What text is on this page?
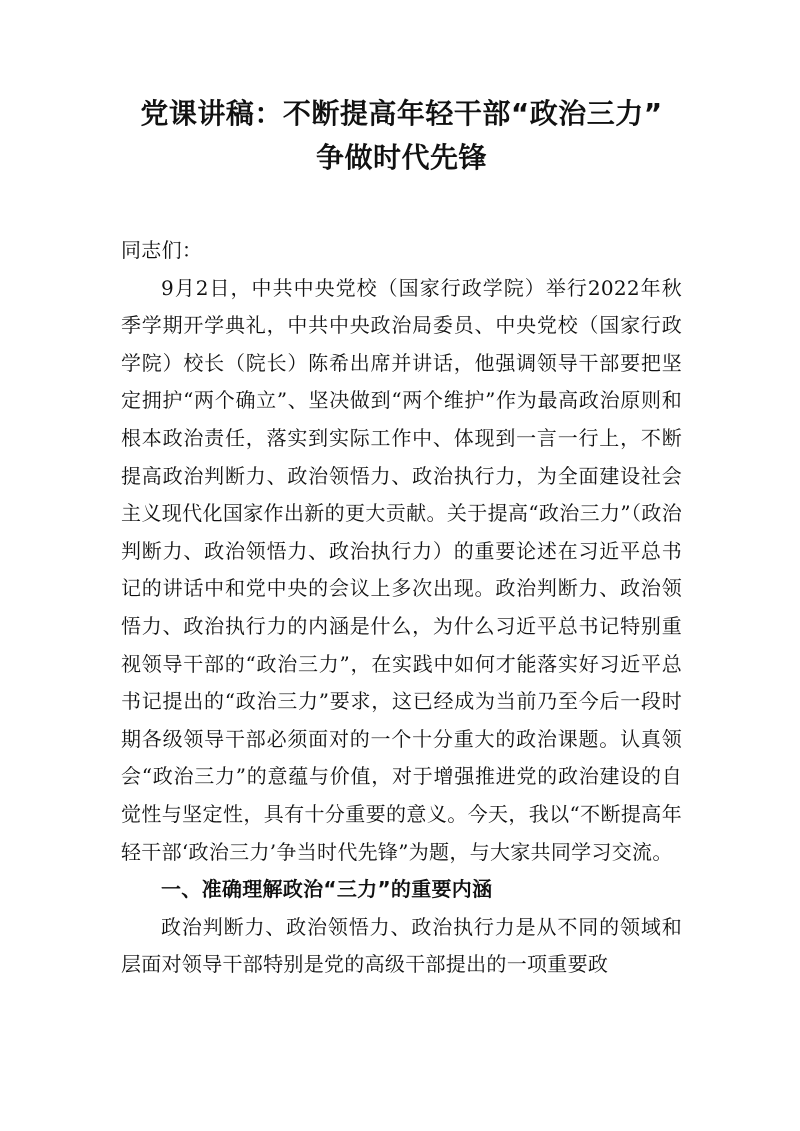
党课讲稿：不断提高年轻干部“政治三力”
争做时代先锋

同志们：

9月2日，中共中央党校（国家行政学院）举行2022年秋季学期开学典礼，中共中央政治局委员、中央党校（国家行政学院）校长（院长）陈希出席并讲话，他强调领导干部要把坚定拥护“两个确立”、坚决做到“两个维护”作为最高政治原则和根本政治责任，落实到实际工作中、体现到一言一行上，不断提高政治判断力、政治领悟力、政治执行力，为全面建设社会主义现代化国家作出新的更大贡献。关于提高“政治三力”（政治判断力、政治领悟力、政治执行力）的重要论述在习近平总书记的讲话中和党中央的会议上多次出现。政治判断力、政治领悟力、政治执行力的内涵是什么，为什么习近平总书记特别重视领导干部的“政治三力”，在实践中如何才能落实好习近平总书记提出的“政治三力”要求，这已经成为当前乃至今后一段时期各级领导干部必须面对的一个十分重大的政治课题。认真领会“政治三力”的意蕴与价值，对于增强推进党的政治建设的自觉性与坚定性，具有十分重要的意义。今天，我以“不断提高年轻干部‘政治三力’争当时代先锋”为题，与大家共同学习交流。

一、准确理解政治“三力”的重要内涵

政治判断力、政治领悟力、政治执行力是从不同的领域和层面对领导干部特别是党的高级干部提出的一项重要政
